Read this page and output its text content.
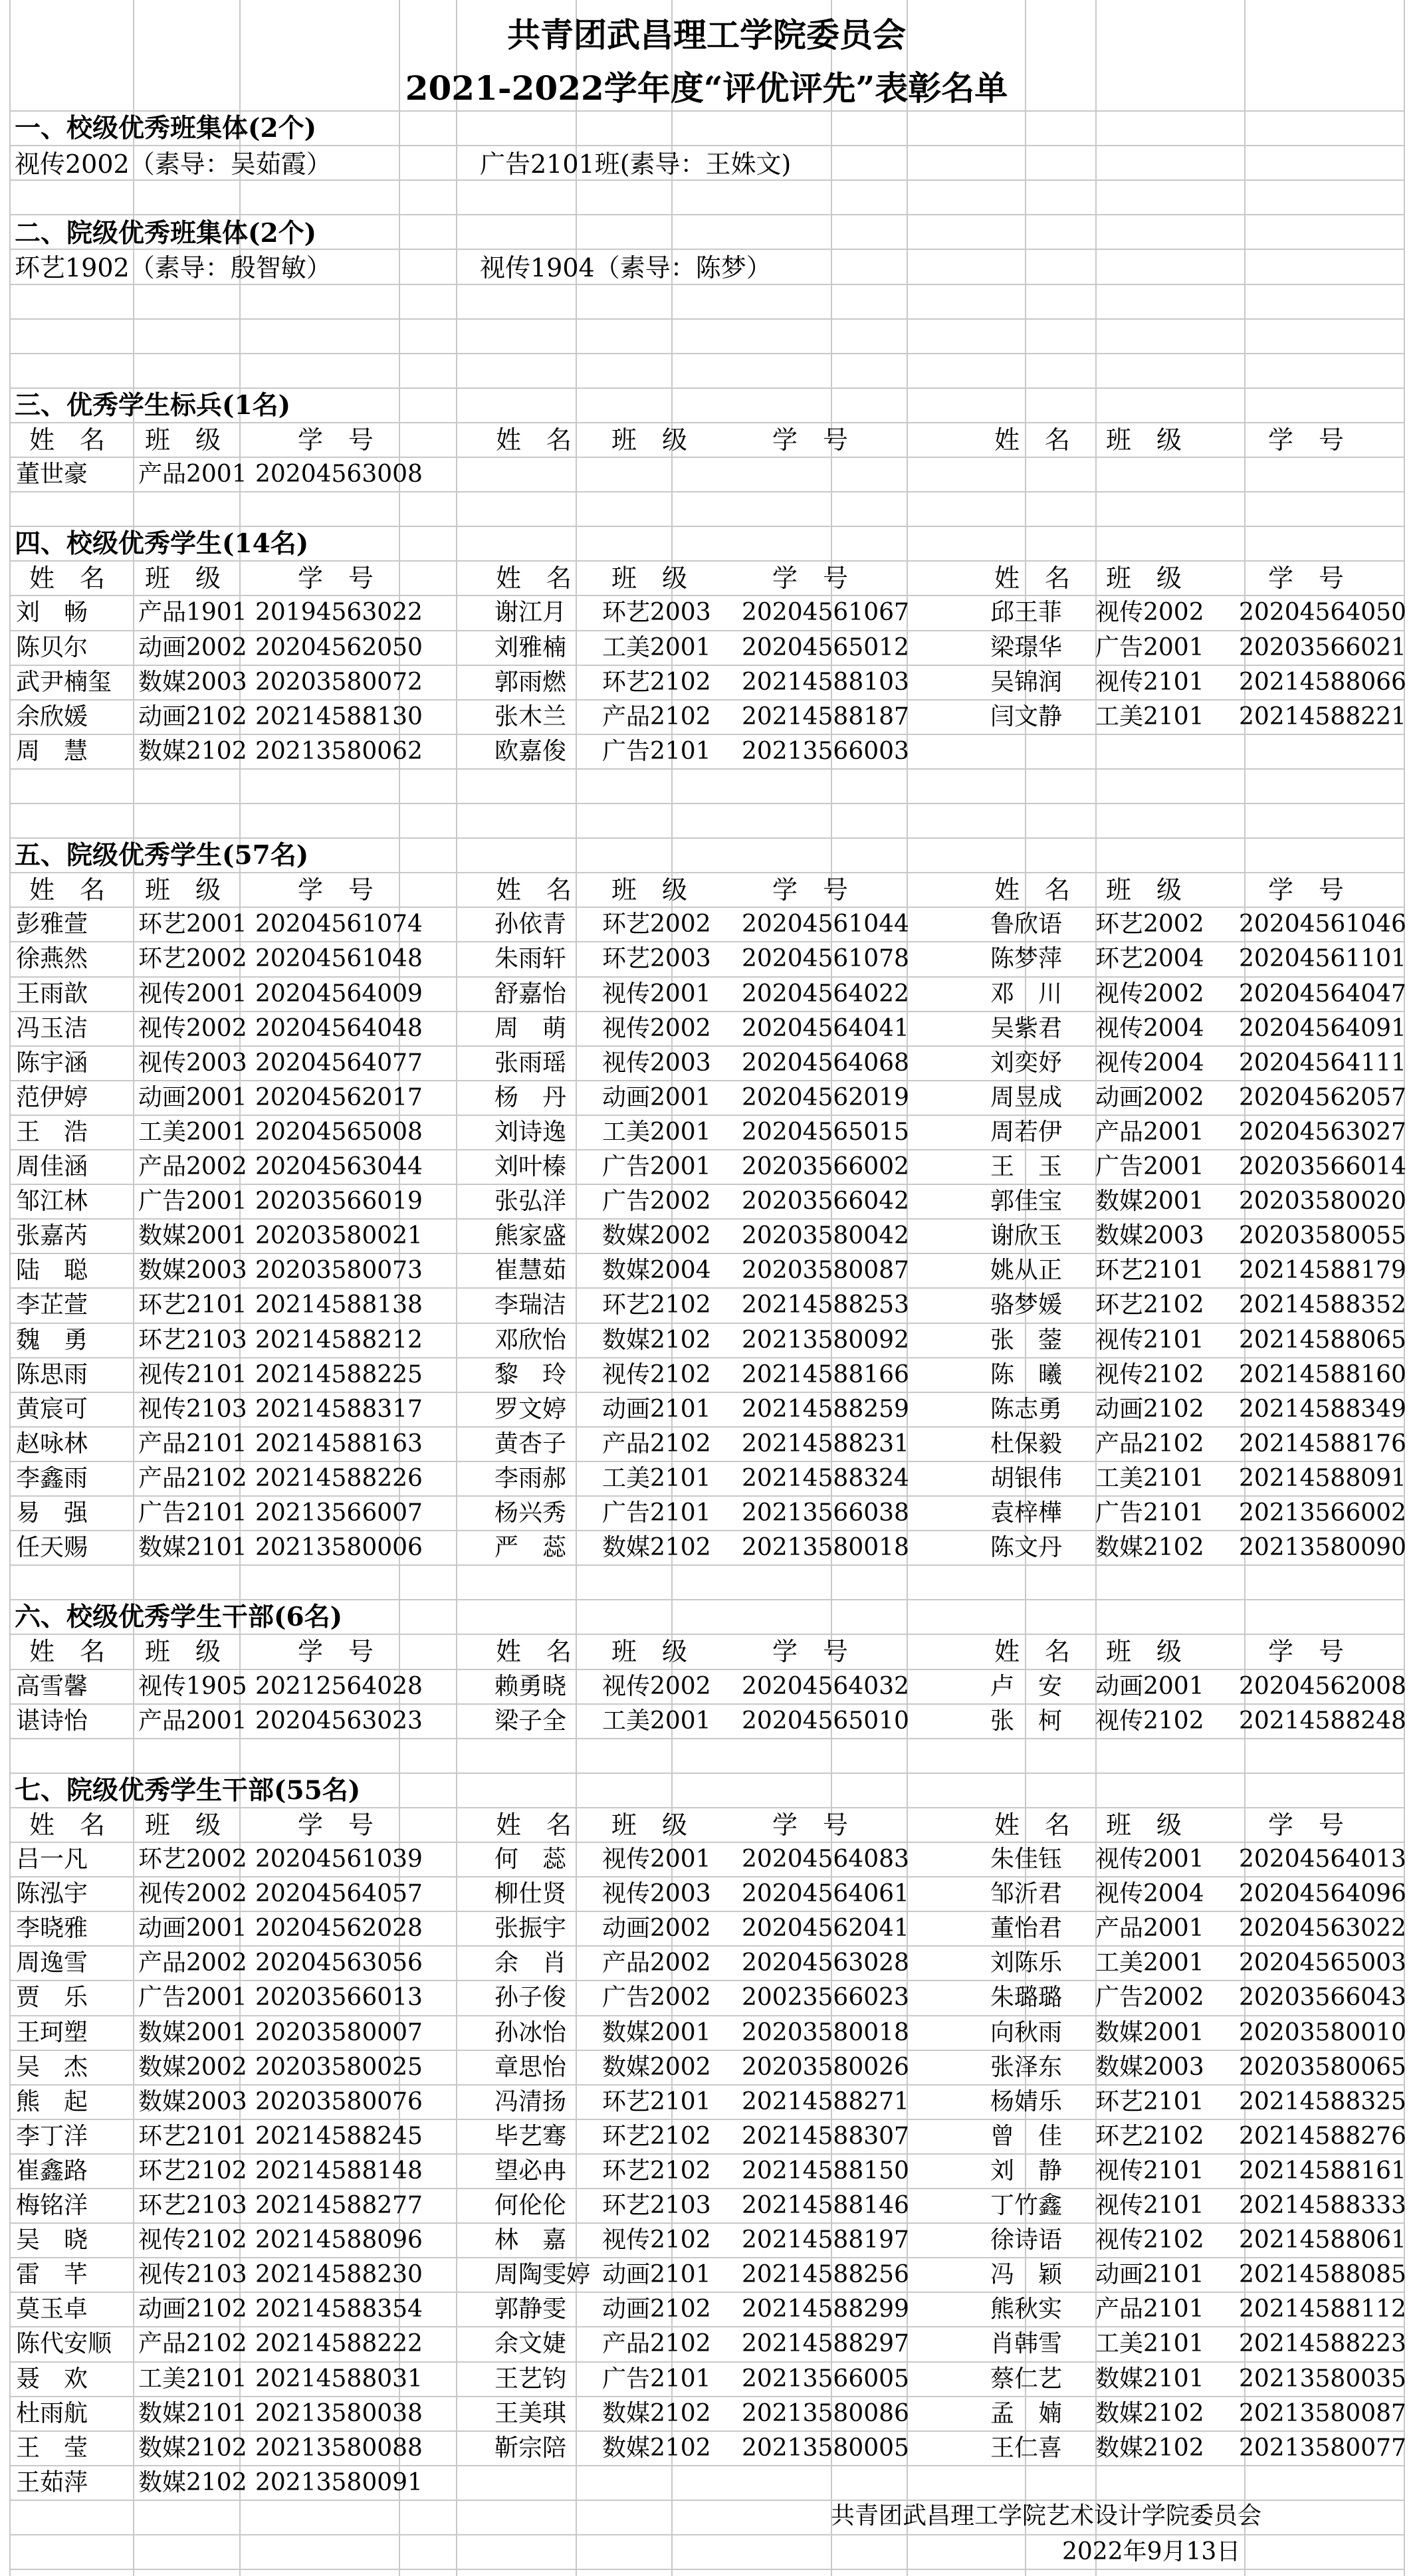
共青团武昌理工学院委员会
2021-2022学年度“评优评先”表彰名单
一、校级优秀班集体(2个)
视传2002（素导：吴茹霞）	广告2101班(素导：王姝文)
二、院级优秀班集体(2个)
环艺1902（素导：殷智敏）	视传1904（素导：陈梦）
三、优秀学生标兵(1名)
姓　名 班　级	学　号	姓　名 班　级	学　号	姓　名 班　级	学　号
董世豪 产品2001 20204563008
四、校级优秀学生(14名)
姓　名 班　级	学　号	姓　名 班　级	学　号	姓　名 班　级	学　号
刘　畅 产品1901 20194563022	谢江月 环艺2003 20204561067	邱王菲 视传2002 20204564050
陈贝尔 动画2002 20204562050	刘雅楠 工美2001 20204565012	梁璟华 广告2001 20203566021
武尹楠玺 数媒2003 20203580072	郭雨燃 环艺2102 20214588103	吴锦润 视传2101 20214588066
余欣媛 动画2102 20214588130	张木兰 产品2102 20214588187	闫文静 工美2101 20214588221
周　慧 数媒2102 20213580062	欧嘉俊 广告2101 20213566003
五、院级优秀学生(57名)
姓　名 班　级	学　号	姓　名 班　级	学　号	姓　名 班　级	学　号
彭雅萱 环艺2001 20204561074	孙依青 环艺2002 20204561044	鲁欣语 环艺2002 20204561046
徐燕然 环艺2002 20204561048	朱雨轩 环艺2003 20204561078	陈梦萍 环艺2004 20204561101
王雨歆 视传2001 20204564009	舒嘉怡 视传2001 20204564022	邓　川 视传2002 20204564047
冯玉洁 视传2002 20204564048	周　萌 视传2002 20204564041	吴紫君 视传2004 20204564091
陈宇涵 视传2003 20204564077	张雨瑶 视传2003 20204564068	刘奕妤 视传2004 20204564111
范伊婷 动画2001 20204562017	杨　丹 动画2001 20204562019	周昱成 动画2002 20204562057
王　浩 工美2001 20204565008	刘诗逸 工美2001 20204565015	周若伊 产品2001 20204563027
周佳涵 产品2002 20204563044	刘叶榛 广告2001 20203566002	王　玉 广告2001 20203566014
邹江林 广告2001 20203566019	张弘洋 广告2002 20203566042	郭佳宝 数媒2001 20203580020
张嘉芮 数媒2001 20203580021	熊家盛 数媒2002 20203580042	谢欣玉 数媒2003 20203580055
陆　聪 数媒2003 20203580073	崔慧茹 数媒2004 20203580087	姚从正 环艺2101 20214588179
李芷萱 环艺2101 20214588138	李瑞洁 环艺2102 20214588253	骆梦媛 环艺2102 20214588352
魏　勇 环艺2103 20214588212	邓欣怡 数媒2102 20213580092	张　蓥 视传2101 20214588065
陈思雨 视传2101 20214588225	黎　玲 视传2102 20214588166	陈　曦 视传2102 20214588160
黄宸可 视传2103 20214588317	罗文婷 动画2101 20214588259	陈志勇 动画2102 20214588349
赵咏林 产品2101 20214588163	黄杏子 产品2102 20214588231	杜保毅 产品2102 20214588176
李鑫雨 产品2102 20214588226	李雨郝 工美2101 20214588324	胡银伟 工美2101 20214588091
易　强 广告2101 20213566007	杨兴秀 广告2101 20213566038	袁梓樺 广告2101 20213566002
任天赐 数媒2101 20213580006	严　蕊 数媒2102 20213580018	陈文丹 数媒2102 20213580090
六、校级优秀学生干部(6名)
姓　名 班　级	学　号	姓　名 班　级	学　号	姓　名 班　级	学　号
高雪馨 视传1905 20212564028	赖勇晓 视传2002 20204564032	卢　安 动画2001 20204562008
谌诗怡 产品2001 20204563023	梁子全 工美2001 20204565010	张　柯 视传2102 20214588248
七、院级优秀学生干部(55名)
姓　名 班　级	学　号	姓　名 班　级	学　号	姓　名 班　级	学　号
吕一凡 环艺2002 20204561039	何　蕊 视传2001 20204564083	朱佳钰 视传2001 20204564013
陈泓宇 视传2002 20204564057	柳仕贤 视传2003 20204564061	邹沂君 视传2004 20204564096
李晓雅 动画2001 20204562028	张振宇 动画2002 20204562041	董怡君 产品2001 20204563022
周逸雪 产品2002 20204563056	余　肖 产品2002 20204563028	刘陈乐 工美2001 20204565003
贾　乐 广告2001 20203566013	孙子俊 广告2002 20023566023	朱璐璐 广告2002 20203566043
王珂塑 数媒2001 20203580007	孙冰怡 数媒2001 20203580018	向秋雨 数媒2001 20203580010
吴　杰 数媒2002 20203580025	章思怡 数媒2002 20203580026	张泽东 数媒2003 20203580065
熊　起 数媒2003 20203580076	冯清扬 环艺2101 20214588271	杨婧乐 环艺2101 20214588325
李丁洋 环艺2101 20214588245	毕艺骞 环艺2102 20214588307	曾　佳 环艺2102 20214588276
崔鑫路 环艺2102 20214588148	望必冉 环艺2102 20214588150	刘　静 视传2101 20214588161
梅铭洋 环艺2103 20214588277	何伦伦 环艺2103 20214588146	丁竹鑫 视传2101 20214588333
吴　晓 视传2102 20214588096	林　嘉 视传2102 20214588197	徐诗语 视传2102 20214588061
雷　芊 视传2103 20214588230	周陶雯婷 动画2101 20214588256	冯　颖 动画2101 20214588085
莫玉卓 动画2102 20214588354	郭静雯 动画2102 20214588299	熊秋实 产品2101 20214588112
陈代安顺 产品2102 20214588222	余文婕 产品2102 20214588297	肖韩雪 工美2101 20214588223
聂　欢 工美2101 20214588031	王艺钧 广告2101 20213566005	蔡仁艺 数媒2101 20213580035
杜雨航 数媒2101 20213580038	王美琪 数媒2102 20213580086	孟　婻 数媒2102 20213580087
王　莹 数媒2102 20213580088	靳宗陪 数媒2102 20213580005	王仁喜 数媒2102 20213580077
王茹萍 数媒2102 20213580091
共青团武昌理工学院艺术设计学院委员会
2022年9月13日
